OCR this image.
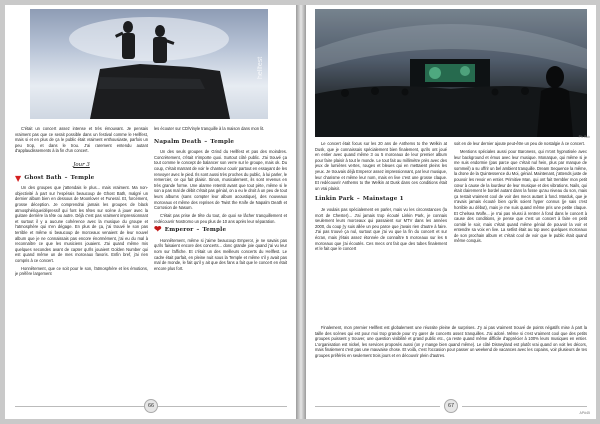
hellfest

C'était un concert assez intense et très émouvant. Je pensais vraiment pas que ce serait possible dans un festival comme le Hellfest, mais si et en plus de ça le public était vraiment enthousiaste, parfois un peu trop, et dans le trou. J'ai rarement entendu autant d'applaudissements à la fin d'un concert.

Jour 3
▼ Ghost Bath – Temple

Un des groupes que j'attendais le plus... mais vraiment. Ma non-objectivité à part sur l'espérais beaucoup de Ghost Bath, malgré un dernier album bien en dessous de Moonlover et Funeral. Et, forcément, grosse déception. Je comprendrai jamais les groupes de black atmosphérique/dépressif qui font les têtes sur scène à jouer avec la guitare derrière la tête ou autre. Déjà c'est pas vraiment impressionnant et surtout il y a aucune cohérence avec la musique du groupe et l'atmosphère qui s'en dégage. En plus de ça, j'ai trouvé le son pas terrible et même si beaucoup de morceaux venaient de leur nouvel album que je ne connaissais pas encore énormément, j'ai eu du mal à reconnaître ce que les musiciens jouaient. J'ai quand même mis quelques secondes avant de capter qu'ils jouaient Golden Number qui est quand même un de mes morceaux favoris. Enfin bref, j'ai rien compris à ce concert.

Honnêtement, que ce soit pour le son, l'atmosphère et les émotions, je préfère largement

les écouter sur CD/Vinyle tranquille à la maison dans mon lit.

Napalm Death – Temple

Un des seuls groupes de Grind du Hellfest et pas des moindres. Concrètement, c'était n'importe quoi. Surtout côté public. J'ai trouvé ça tout comme le concept de balancer son verre sur le groupe, mais ok. Du coup, c'était marrant de voir le chanteur courir partout en essayant de les renvoyer avec le pied. Ils sont aussi très proches du public, à lui parler, le remercier, ce qui fait plaisir. Sinon, musicalement, ils sont revenus en très grande forme. Une alarme retentit avant que tout pète, même si le son a pas mal de débit c'était pas génial, on a eu le droit à un peu de tout leurs albums (sans compter leur album acoustique), des nouveaux morceaux et même des reprises de Twist the Knife de Napalm Death et Corrosion de Nasum.

C'était pas prise de tête du tout, de quoi se lâcher tranquillement et redécouvrir Nostromo un peu plus de 10 ans après leur séparation.

❤ Emperor – Temple

Honnêtement, même si j'aime beaucoup Emperor, je ne savais pas qu'ils faisaient encore des concerts... donc grande joie quand j'ai vu leur nom sur l'affiche. Et c'était un des meilleurs concerts du Hellfest. Le cadre était parfait, en pleine nuit sous la Temple et même s'il y avait pas mal de monde, le fait qu'il y ait que des fans a fait que le concert en était encore plus fort.

66
Ph: Bob

Le concert était focus sur les 20 ans de Anthems to the Welkin at Dusk, que je connaissais spécialement bien finalement, qu'ils ont joué en entier avec quand même 3 ou 5 morceaux de leur premier album pour faire plaisir à tout le monde. Le tout fait au millimètre près avec des jeux de lumières vertes, rouges et bleues qui en mettaient pleins les yeux. Je trouvais déjà Emperor assez impressionnant, par leur musique, leur charisme et même leur nom, mais en live c'est une grosse claque. Et redécouvrir Anthems to the Welkin at Dusk dans ces conditions était un vrai plaisir.

Linkin Park – Mainstage 1

Je voulais pas spécialement en parler, mais vu les circonstances (la mort de Chester)... J'ai jamais trop écouté Linkin Park, je connais seulement leurs morceaux qui passaient sur MTV dans les années 2000, du coup j'y suis allée un peu parce que j'avais rien d'autre à faire. J'ai pas trouvé ça nul, surtout que j'ai vu que la fin du concert et sur écran, mais j'étais assez étonnée de connaître 5 morceaux sur les 6 morceaux que j'ai écoutés. Ces mecs ont fait que des tubes finalement et le fait que le concert

soit en de leur dernier ajoute peut-être un peu de nostalgie à ce concert.

Mentions spéciales aussi pour Baroness, qui m'ont hypnotisée avec leur background et émus avec leur musique. Monarque, qui même si je me suis endormie (pas parce que c'était nul hein, plus par manque de sommeil) a su offrir un bel ambient tranquille. Dream Sequence la même, la drone de la Quintessence du Moi, génial. Maintenant, j'attends juste de pouvoir les revoir en entier. Primitive Man, qui ont fait trembler mon petit cœur à cause de la lourdeur de leur musique et des vibrations. Nails, qui était clairement le bordel autant dans la fosse qu'au niveau du son, mais ça restait vraiment cool de voir des mecs autant à fond. Marduk, que je n'avais jamais écouté bien qu'ils soient hyper connus (je sais c'est horrible au début), mais je me suis quand même pris une petite claque. Et Chelsea Wolfe... je n'ai pas réussi à rentrer à fond dans le concert à cause des conditions, je pense que c'est un concert à faire en petit comité le soir, mais c'était quand même génial de pouvoir la voir et entendre sa voix en live. La setlist était au top avec quelques morceaux de son prochain album et c'était cool de voir que le public était quand même conquis.

Finalement, mon premier Hellfest est globalement une réussite pleine de surprises. J'y ai pas vraiment trouvé de points négatifs mise à part la taille des scènes qui est pour moi trop grande pour s'y garer de concerts assez tranquilles. J'ai adoré. Même si c'est vraiment cool que des petits groupes puissent y trouver, une question visibilité et grand public etc., ça reste quand même difficile d'apprécier à 100% leurs musiques en entier. L'organisation est nickel, les services proposés aussi (on y mange bien quand même). Le côté Disneyland est plutôt vrai quand on voit les décors, mais finalement c'est pas une mauvaise chose. Et voilà, c'est l'occasion pour passer un weekend de vacances avec les copains, voir plusieurs de tes groupes préférés en seulement trois jours et en découvrir plein d'autres.

67
AP#45
